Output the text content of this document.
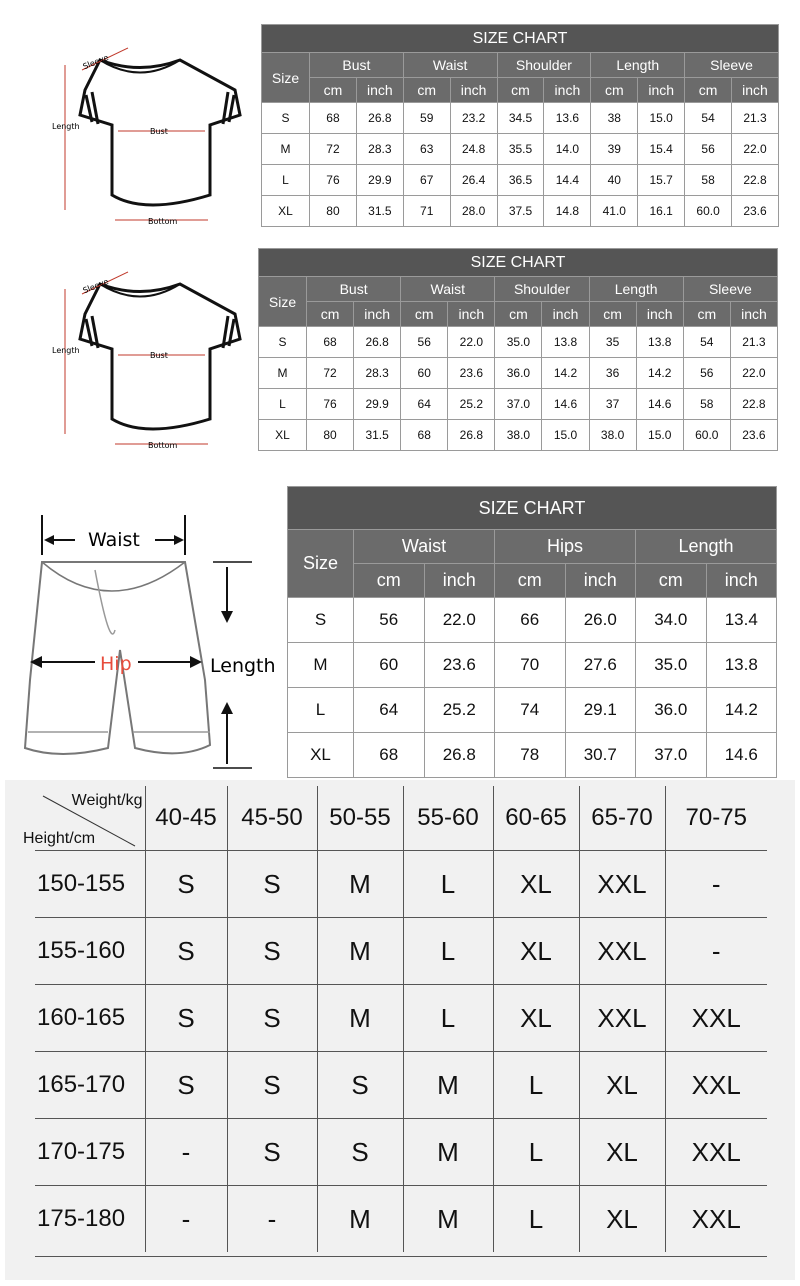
Sleeve
Length
Bust
Bottom
Sleeve
Length
Bust
Bottom
Waist
Hip	Length
SIZE CHART										
Size	Bust		Waist		Shoulder		Length		Sleeve	
	cm	inch	cm	inch	cm	inch	cm	inch	cm	inch
S	68	26.8	59	23.2	34.5	13.6	38	15.0	54	21.3
M	72	28.3	63	24.8	35.5	14.0	39	15.4	56	22.0
L	76	29.9	67	26.4	36.5	14.4	40	15.7	58	22.8
XL	80	31.5	71	28.0	37.5	14.8	41.0	16.1	60.0	23.6
SIZE CHART										
Size	Bust		Waist		Shoulder		Length		Sleeve	
	cm	inch	cm	inch	cm	inch	cm	inch	cm	inch
S	68	26.8	56	22.0	35.0	13.8	35	13.8	54	21.3
M	72	28.3	60	23.6	36.0	14.2	36	14.2	56	22.0
L	76	29.9	64	25.2	37.0	14.6	37	14.6	58	22.8
XL	80	31.5	68	26.8	38.0	15.0	38.0	15.0	60.0	23.6
SIZE CHART						
Size	Waist		Hips		Length	
	cm	inch	cm	inch	cm	inch
S	56	22.0	66	26.0	34.0	13.4
M	60	23.6	70	27.6	35.0	13.8
L	64	25.2	74	29.1	36.0	14.2
XL	68	26.8	78	30.7	37.0	14.6
Weight/kg
Height/cm	40-45	45-50	50-55	55-60	60-65	65-70	70-75
150-155	S	S	M	L	XL	XXL	-
155-160	S	S	M	L	XL	XXL	-
160-165	S	S	M	L	XL	XXL	XXL
165-170	S	S	S	M	L	XL	XXL
170-175	-	S	S	M	L	XL	XXL
175-180	-	-	M	M	L	XL	XXL
